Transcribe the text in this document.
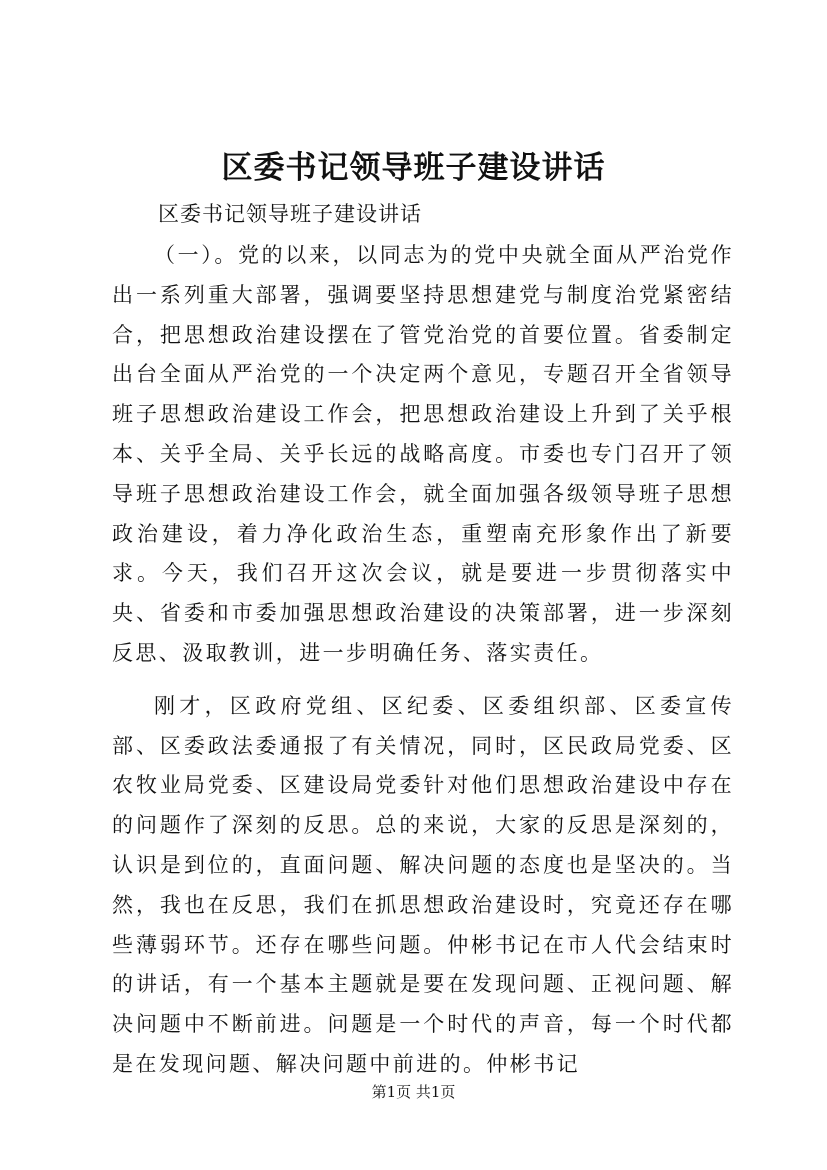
区委书记领导班子建设讲话
区委书记领导班子建设讲话

（一）。党的以来，以同志为的党中央就全面从严治党作出一系列重大部署，强调要坚持思想建党与制度治党紧密结合，把思想政治建设摆在了管党治党的首要位置。省委制定出台全面从严治党的一个决定两个意见，专题召开全省领导班子思想政治建设工作会，把思想政治建设上升到了关乎根本、关乎全局、关乎长远的战略高度。市委也专门召开了领导班子思想政治建设工作会，就全面加强各级领导班子思想政治建设，着力净化政治生态，重塑南充形象作出了新要求。今天，我们召开这次会议，就是要进一步贯彻落实中央、省委和市委加强思想政治建设的决策部署，进一步深刻反思、汲取教训，进一步明确任务、落实责任。

刚才，区政府党组、区纪委、区委组织部、区委宣传部、区委政法委通报了有关情况，同时，区民政局党委、区农牧业局党委、区建设局党委针对他们思想政治建设中存在的问题作了深刻的反思。总的来说，大家的反思是深刻的，认识是到位的，直面问题、解决问题的态度也是坚决的。当然，我也在反思，我们在抓思想政治建设时，究竟还存在哪些薄弱环节。还存在哪些问题。仲彬书记在市人代会结束时的讲话，有一个基本主题就是要在发现问题、正视问题、解决问题中不断前进。问题是一个时代的声音，每一个时代都是在发现问题、解决问题中前进的。仲彬书记

第1页 共1页
